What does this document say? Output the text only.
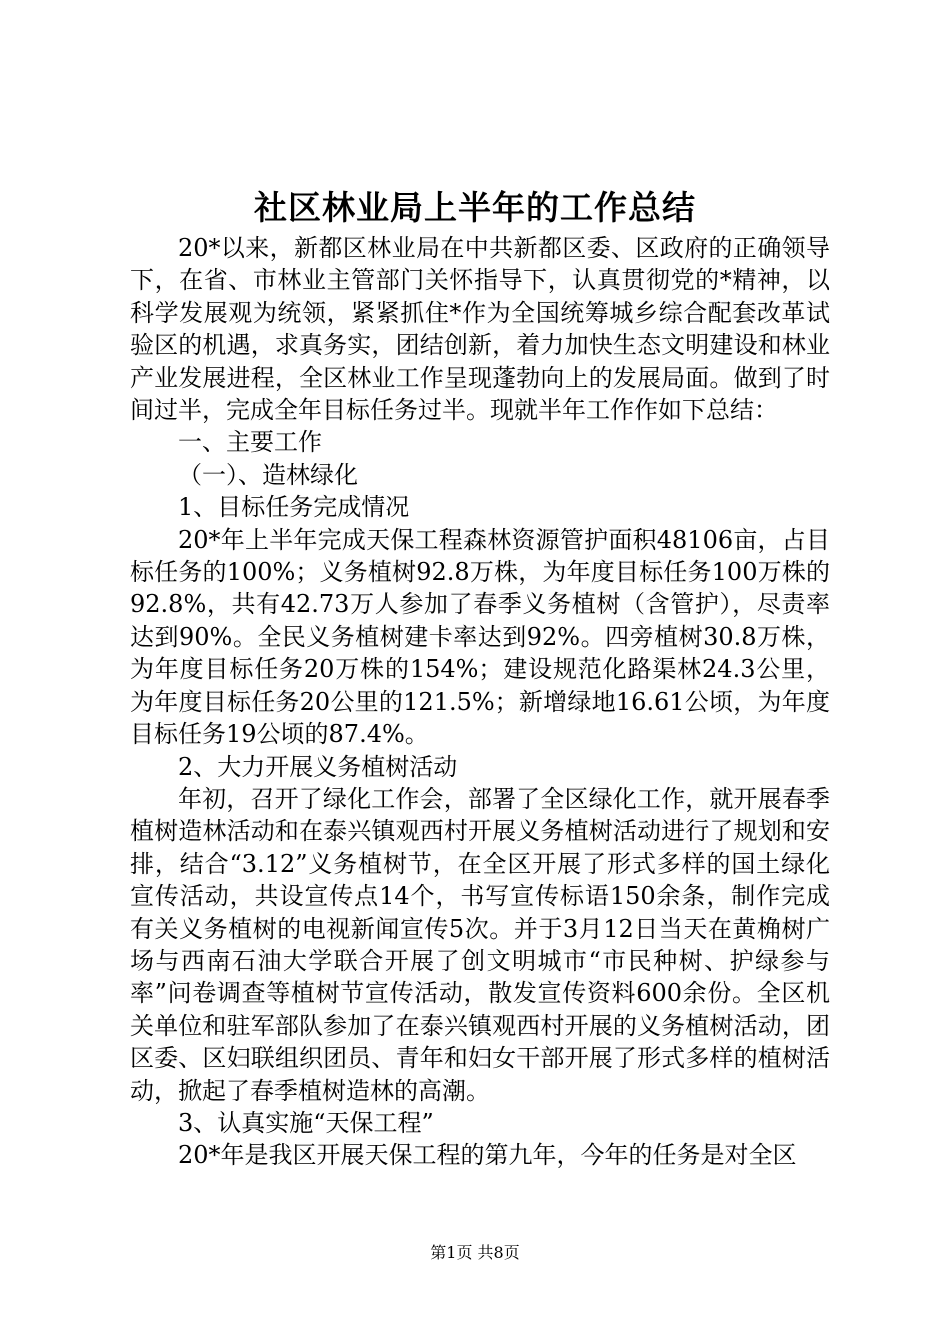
社区林业局上半年的工作总结

20*以来，新都区林业局在中共新都区委、区政府的正确领导下，在省、市林业主管部门关怀指导下，认真贯彻党的*精神，以科学发展观为统领，紧紧抓住*作为全国统筹城乡综合配套改革试验区的机遇，求真务实，团结创新，着力加快生态文明建设和林业产业发展进程，全区林业工作呈现蓬勃向上的发展局面。做到了时间过半，完成全年目标任务过半。现就半年工作作如下总结：

一、主要工作

（一）、造林绿化

1、目标任务完成情况

20*年上半年完成天保工程森林资源管护面积48106亩，占目标任务的100%；义务植树92.8万株，为年度目标任务100万株的92.8%，共有42.73万人参加了春季义务植树（含管护），尽责率达到90%。全民义务植树建卡率达到92%。四旁植树30.8万株，为年度目标任务20万株的154%；建设规范化路渠林24.3公里，为年度目标任务20公里的121.5%；新增绿地16.61公顷，为年度目标任务19公顷的87.4%。

2、大力开展义务植树活动

年初，召开了绿化工作会，部署了全区绿化工作，就开展春季植树造林活动和在泰兴镇观西村开展义务植树活动进行了规划和安排，结合“3.12”义务植树节，在全区开展了形式多样的国土绿化宣传活动，共设宣传点14个，书写宣传标语150余条，制作完成有关义务植树的电视新闻宣传5次。并于3月12日当天在黄桷树广场与西南石油大学联合开展了创文明城市“市民种树、护绿参与率”问卷调查等植树节宣传活动，散发宣传资料600余份。全区机关单位和驻军部队参加了在泰兴镇观西村开展的义务植树活动，团区委、区妇联组织团员、青年和妇女干部开展了形式多样的植树活动，掀起了春季植树造林的高潮。

3、认真实施“天保工程”

20*年是我区开展天保工程的第九年，今年的任务是对全区

第1页 共8页
